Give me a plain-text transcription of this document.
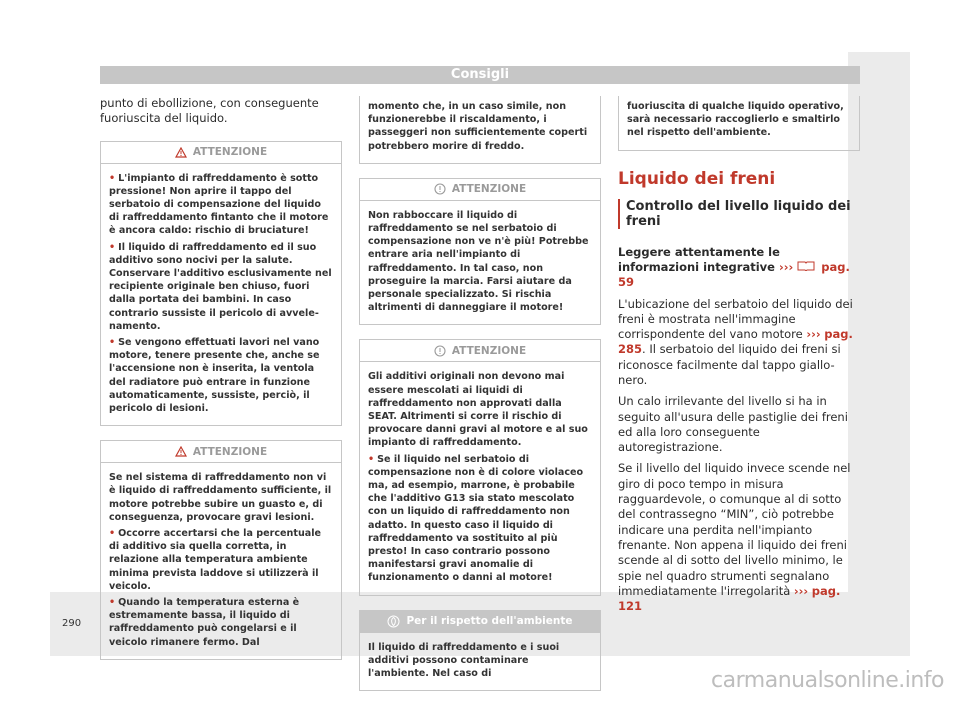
Consigli

punto di ebollizione, con conseguente fuoriuscita del liquido.

ATTENZIONE

• L'impianto di raffreddamento è sotto pressione! Non aprire il tappo del serbatoio di compensazione del liquido di raffreddamento fintanto che il motore è ancora caldo: rischio di bruciature!

• Il liquido di raffreddamento ed il suo additivo sono nocivi per la salute. Conservare l'additivo esclusivamente nel recipiente originale ben chiuso, fuori dalla portata dei bambini. In caso contrario sussiste il pericolo di avvelenamento.

• Se vengono effettuati lavori nel vano motore, tenere presente che, anche se l'accensione non è inserita, la ventola del radiatore può entrare in funzione automaticamente, sussiste, perciò, il pericolo di lesioni.

ATTENZIONE

Se nel sistema di raffreddamento non vi è liquido di raffreddamento sufficiente, il motore potrebbe subire un guasto e, di conseguenza, provocare gravi lesioni.

• Occorre accertarsi che la percentuale di additivo sia quella corretta, in relazione alla temperatura ambiente minima prevista laddove si utilizzerà il veicolo.

• Quando la temperatura esterna è estremamente bassa, il liquido di raffreddamento può congelarsi e il veicolo rimanere fermo. Dal

momento che, in un caso simile, non funzionerebbe il riscaldamento, i passeggeri non sufficientemente coperti potrebbero morire di freddo.

ATTENZIONE

Non rabboccare il liquido di raffreddamento se nel serbatoio di compensazione non ve n'è più! Potrebbe entrare aria nell'impianto di raffreddamento. In tal caso, non proseguire la marcia. Farsi aiutare da personale specializzato. Si rischia altrimenti di danneggiare il motore!

ATTENZIONE

Gli additivi originali non devono mai essere mescolati ai liquidi di raffreddamento non approvati dalla SEAT. Altrimenti si corre il rischio di provocare danni gravi al motore e al suo impianto di raffreddamento.

• Se il liquido nel serbatoio di compensazione non è di colore violaceo ma, ad esempio, marrone, è probabile che l'additivo G13 sia stato mescolato con un liquido di raffreddamento non adatto. In questo caso il liquido di raffreddamento va sostituito al più presto! In caso contrario possono manifestarsi gravi anomalie di funzionamento o danni al motore!

Per il rispetto dell'ambiente

Il liquido di raffreddamento e i suoi additivi possono contaminare l'ambiente. Nel caso di

fuoriuscita di qualche liquido operativo, sarà necessario raccoglierlo e smaltirlo nel rispetto dell'ambiente.

Liquido dei freni
Controllo del livello liquido dei freni

Leggere attentamente le informazioni integrative ››› pag. 59

L'ubicazione del serbatoio del liquido dei freni è mostrata nell'immagine corrispondente del vano motore ››› pag. 285. Il serbatoio del liquido dei freni si riconosce facilmente dal tappo giallo-nero.

Un calo irrilevante del livello si ha in seguito all'usura delle pastiglie dei freni ed alla loro conseguente autoregistrazione.

Se il livello del liquido invece scende nel giro di poco tempo in misura ragguardevole, o comunque al di sotto del contrassegno “MIN”, ciò potrebbe indicare una perdita nell'impianto frenante. Non appena il liquido dei freni scende al di sotto del livello minimo, le spie nel quadro strumenti segnalano immediatamente l'irregolarità ››› pag. 121

290
carmanualsonline.info
